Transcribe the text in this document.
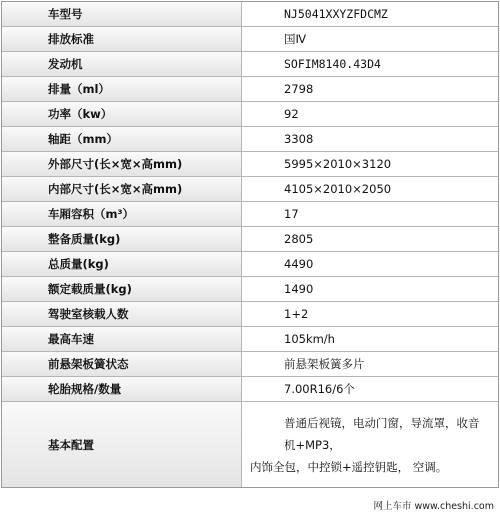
车型号	NJ5041XXYZFDCMZ
排放标准	国Ⅳ
发动机	SOFIM8140.43D4
排量（ml）	2798
功率（kw）	92
轴距（mm）	3308
外部尺寸(长×宽×高mm)	5995×2010×3120
内部尺寸(长×宽×高mm)	4105×2010×2050
车厢容积（m³）	17
整备质量(kg)	2805
总质量(kg)	4490
额定载质量(kg)	1490
驾驶室核载人数	1+2
最高车速	105km/h
前悬架板簧状态	前悬架板簧多片
轮胎规格/数量	7.00R16/6个
基本配置	普通后视镜，电动门窗，导流罩，收音机+MP3，
内饰全包，中控锁+遥控钥匙， 空调。
网上车市 www.cheshi.com
